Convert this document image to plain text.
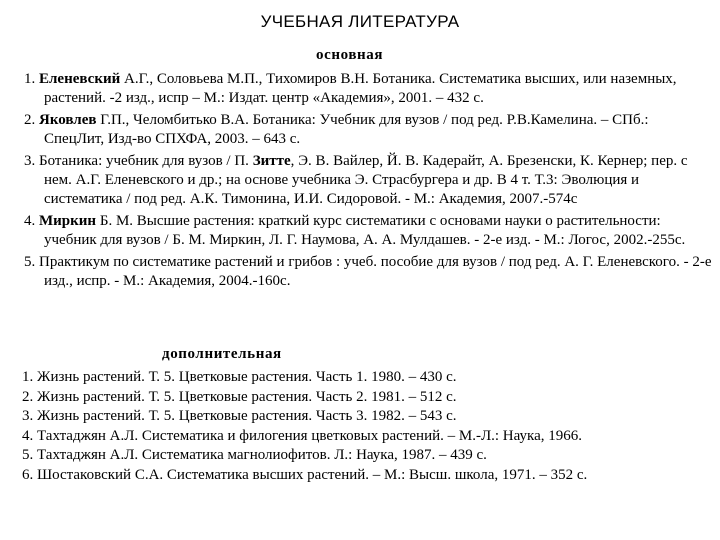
УЧЕБНАЯ ЛИТЕРАТУРА
основная
1. Еленевский А.Г., Соловьева М.П., Тихомиров В.Н. Ботаника. Систематика высших, или наземных, растений. -2 изд., испр – М.: Издат. центр «Академия», 2001. – 432 с.
2. Яковлев Г.П., Челомбитько В.А. Ботаника: Учебник для вузов / под ред. Р.В.Камелина. – СПб.: СпецЛит, Изд-во СПХФА, 2003. – 643 с.
3. Ботаника: учебник для вузов / П. Зитте, Э. В. Вайлер, Й. В. Кадерайт, А. Брезенски, К. Кернер; пер. с нем. А.Г. Еленевского и др.; на основе учебника Э. Страсбургера и др. В 4 т. Т.3: Эволюция и систематика / под ред. А.К. Тимонина, И.И. Сидоровой. - М.: Академия, 2007.-574с
4. Миркин Б. М. Высшие растения: краткий курс систематики с основами науки о растительности: учебник для вузов / Б. М. Миркин, Л. Г. Наумова, А. А. Мулдашев. - 2-е изд. - М.: Логос, 2002.-255с.
5. Практикум по систематике растений и грибов : учеб. пособие для вузов / под ред. А. Г. Еленевского. - 2-е изд., испр. - М.: Академия, 2004.-160с.
дополнительная
1. Жизнь растений. Т. 5. Цветковые растения. Часть 1. 1980. – 430 с.
2. Жизнь растений. Т. 5. Цветковые растения. Часть 2. 1981. – 512 с.
3. Жизнь растений. Т. 5. Цветковые растения. Часть 3. 1982. – 543 с.
4. Тахтаджян А.Л. Систематика и филогения цветковых растений. – М.-Л.: Наука, 1966.
5. Тахтаджян А.Л. Систематика магнолиофитов. Л.: Наука, 1987. – 439 с.
6. Шостаковский С.А. Систематика высших растений. – М.: Высш. школа, 1971. – 352 с.
